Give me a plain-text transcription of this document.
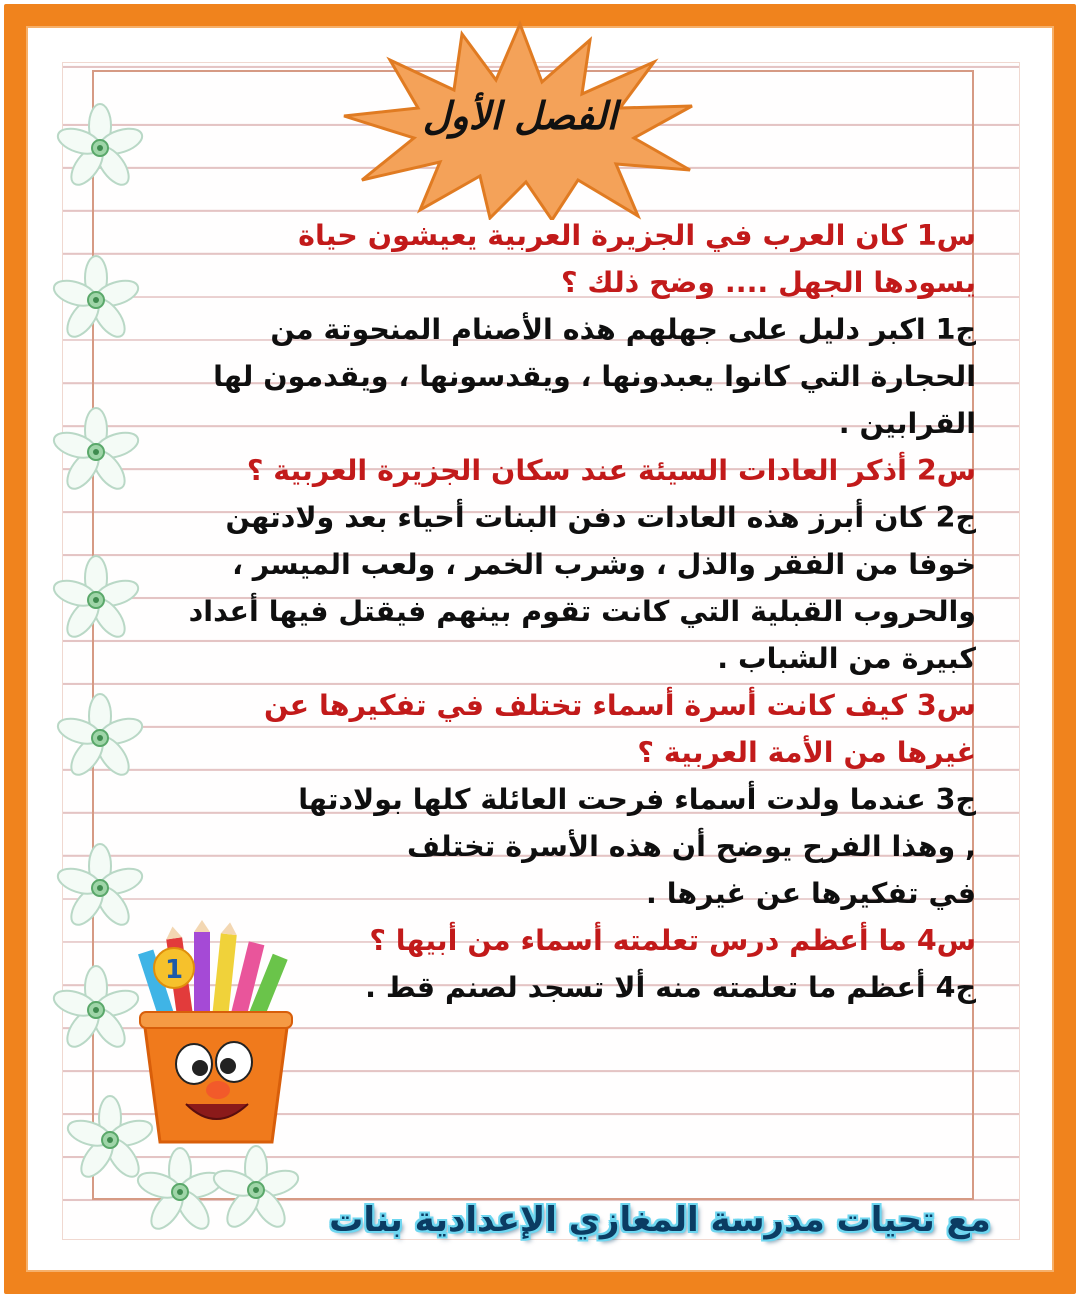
الفصل الأول
س1 كان العرب في الجزيرة العربية يعيشون حياة
يسودها الجهل .... وضح ذلك ؟
ج1 اكبر دليل على جهلهم هذه الأصنام المنحوتة من
الحجارة التي كانوا يعبدونها ، ويقدسونها ، ويقدمون لها
القرابين .
س2 أذكر العادات السيئة عند سكان الجزيرة العربية ؟
ج2 كان أبرز هذه العادات دفن البنات أحياء بعد ولادتهن
خوفا من الفقر والذل ، وشرب الخمر ، ولعب الميسر ،
والحروب القبلية التي كانت تقوم بينهم فيقتل فيها أعداد
كبيرة من الشباب .
س3 كيف كانت أسرة أسماء تختلف في تفكيرها عن
غيرها من الأمة العربية ؟
ج3 عندما ولدت أسماء فرحت العائلة كلها بولادتها
, وهذا الفرح يوضح أن هذه الأسرة تختلف
في تفكيرها عن غيرها .
س4 ما أعظم درس تعلمته أسماء من أبيها ؟
ج4 أعظم ما تعلمته منه ألا تسجد لصنم قط .
1
مع تحيات مدرسة المغازي الإعدادية بنات
